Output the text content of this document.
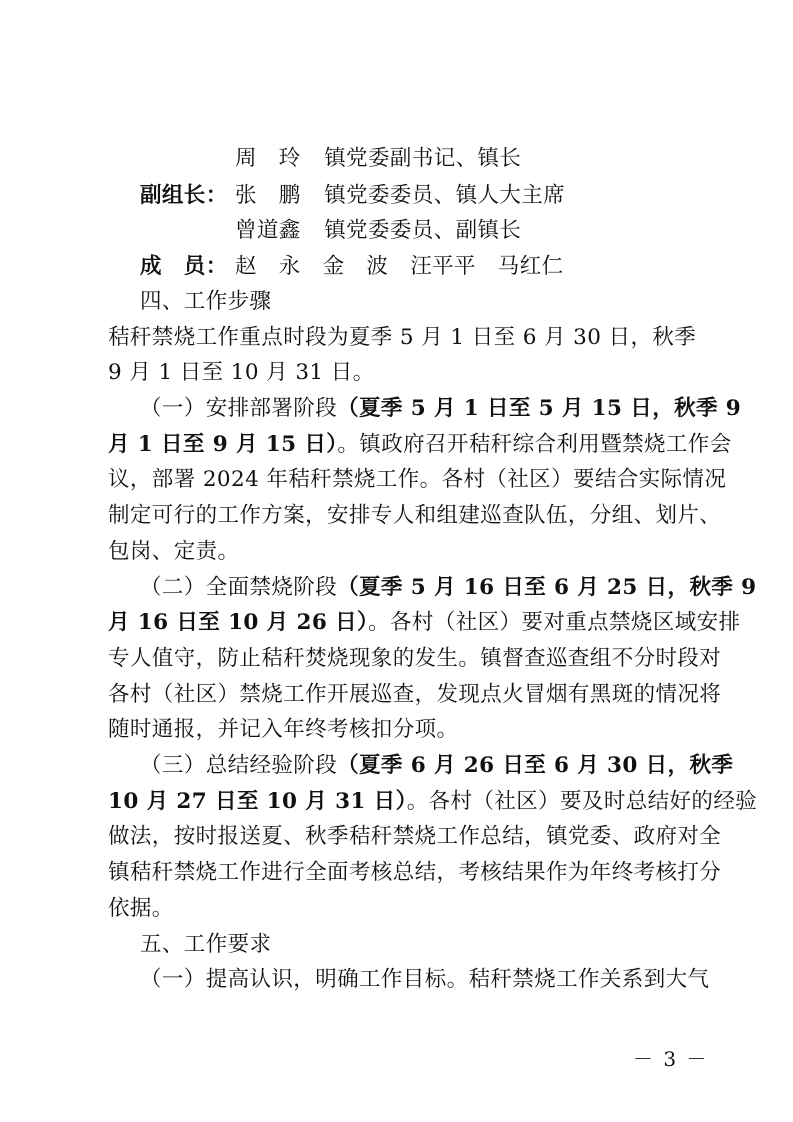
周　玲 镇党委副书记、镇长
副组长： 张　鹏 镇党委委员、镇人大主席
曾道鑫 镇党委委员、副镇长
成　员： 赵　永　金　波　汪平平　马红仁
四、工作步骤
秸秆禁烧工作重点时段为夏季 5 月 1 日至 6 月 30 日，秋季
9 月 1 日至 10 月 31 日。
（一）安排部署阶段（夏季 5 月 1 日至 5 月 15 日，秋季 9
月 1 日至 9 月 15 日）。镇政府召开秸秆综合利用暨禁烧工作会
议，部署 2024 年秸秆禁烧工作。各村（社区）要结合实际情况
制定可行的工作方案，安排专人和组建巡查队伍，分组、划片、
包岗、定责。
（二）全面禁烧阶段（夏季 5 月 16 日至 6 月 25 日，秋季 9
月 16 日至 10 月 26 日）。各村（社区）要对重点禁烧区域安排
专人值守，防止秸秆焚烧现象的发生。镇督查巡查组不分时段对
各村（社区）禁烧工作开展巡查，发现点火冒烟有黑斑的情况将
随时通报，并记入年终考核扣分项。
（三）总结经验阶段（夏季 6 月 26 日至 6 月 30 日，秋季
10 月 27 日至 10 月 31 日）。各村（社区）要及时总结好的经验
做法，按时报送夏、秋季秸秆禁烧工作总结，镇党委、政府对全
镇秸秆禁烧工作进行全面考核总结，考核结果作为年终考核打分
依据。
五、工作要求
（一）提高认识，明确工作目标。秸秆禁烧工作关系到大气
－ 3 －
